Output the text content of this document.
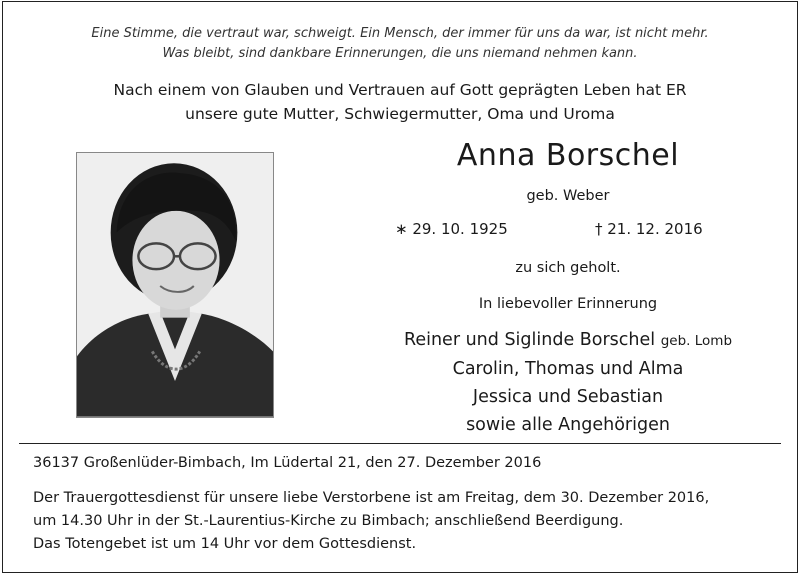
Eine Stimme, die vertraut war, schweigt. Ein Mensch, der immer für uns da war, ist nicht mehr.
Was bleibt, sind dankbare Erinnerungen, die uns niemand nehmen kann.
Nach einem von Glauben und Vertrauen auf Gott geprägten Leben hat ER
unsere gute Mutter, Schwiegermutter, Oma und Uroma
Anna Borschel
geb. Weber
∗ 29. 10. 1925	† 21. 12. 2016
zu sich geholt.
In liebevoller Erinnerung
Reiner und Siglinde Borschel geb. Lomb
Carolin, Thomas und Alma
Jessica und Sebastian
sowie alle Angehörigen
36137 Großenlüder-Bimbach, Im Lüdertal 21, den 27. Dezember 2016
Der Trauergottesdienst für unsere liebe Verstorbene ist am Freitag, dem 30. Dezember 2016,
um 14.30 Uhr in der St.-Laurentius-Kirche zu Bimbach; anschließend Beerdigung.
Das Totengebet ist um 14 Uhr vor dem Gottesdienst.
